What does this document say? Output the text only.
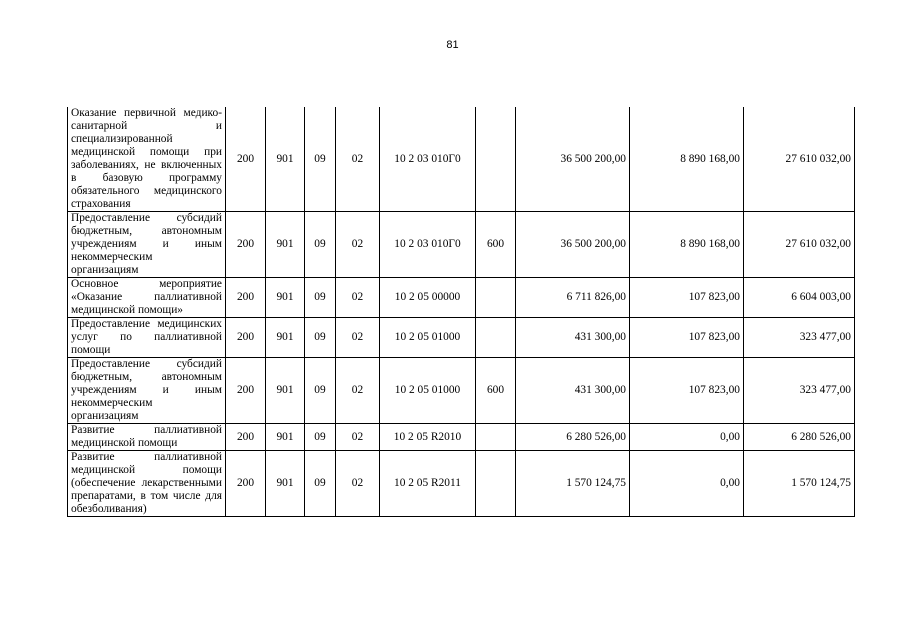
81
Оказание первичной медико-санитарной и специализированной медицинской помощи при заболеваниях, не включенных в базовую программу обязательного медицинского страхования	200	901	09	02	10 2 03 010Г0		36 500 200,00	8 890 168,00	27 610 032,00
Предоставление субсидий бюджетным, автономным учреждениям и иным некоммерческим организациям	200	901	09	02	10 2 03 010Г0	600	36 500 200,00	8 890 168,00	27 610 032,00
Основное мероприятие «Оказание паллиативной медицинской помощи»	200	901	09	02	10 2 05 00000		6 711 826,00	107 823,00	6 604 003,00
Предоставление медицинских услуг по паллиативной помощи	200	901	09	02	10 2 05 01000		431 300,00	107 823,00	323 477,00
Предоставление субсидий бюджетным, автономным учреждениям и иным некоммерческим организациям	200	901	09	02	10 2 05 01000	600	431 300,00	107 823,00	323 477,00
Развитие паллиативной медицинской помощи	200	901	09	02	10 2 05 R2010		6 280 526,00	0,00	6 280 526,00
Развитие паллиативной медицинской помощи (обеспечение лекарственными препаратами, в том числе для обезболивания)	200	901	09	02	10 2 05 R2011		1 570 124,75	0,00	1 570 124,75
